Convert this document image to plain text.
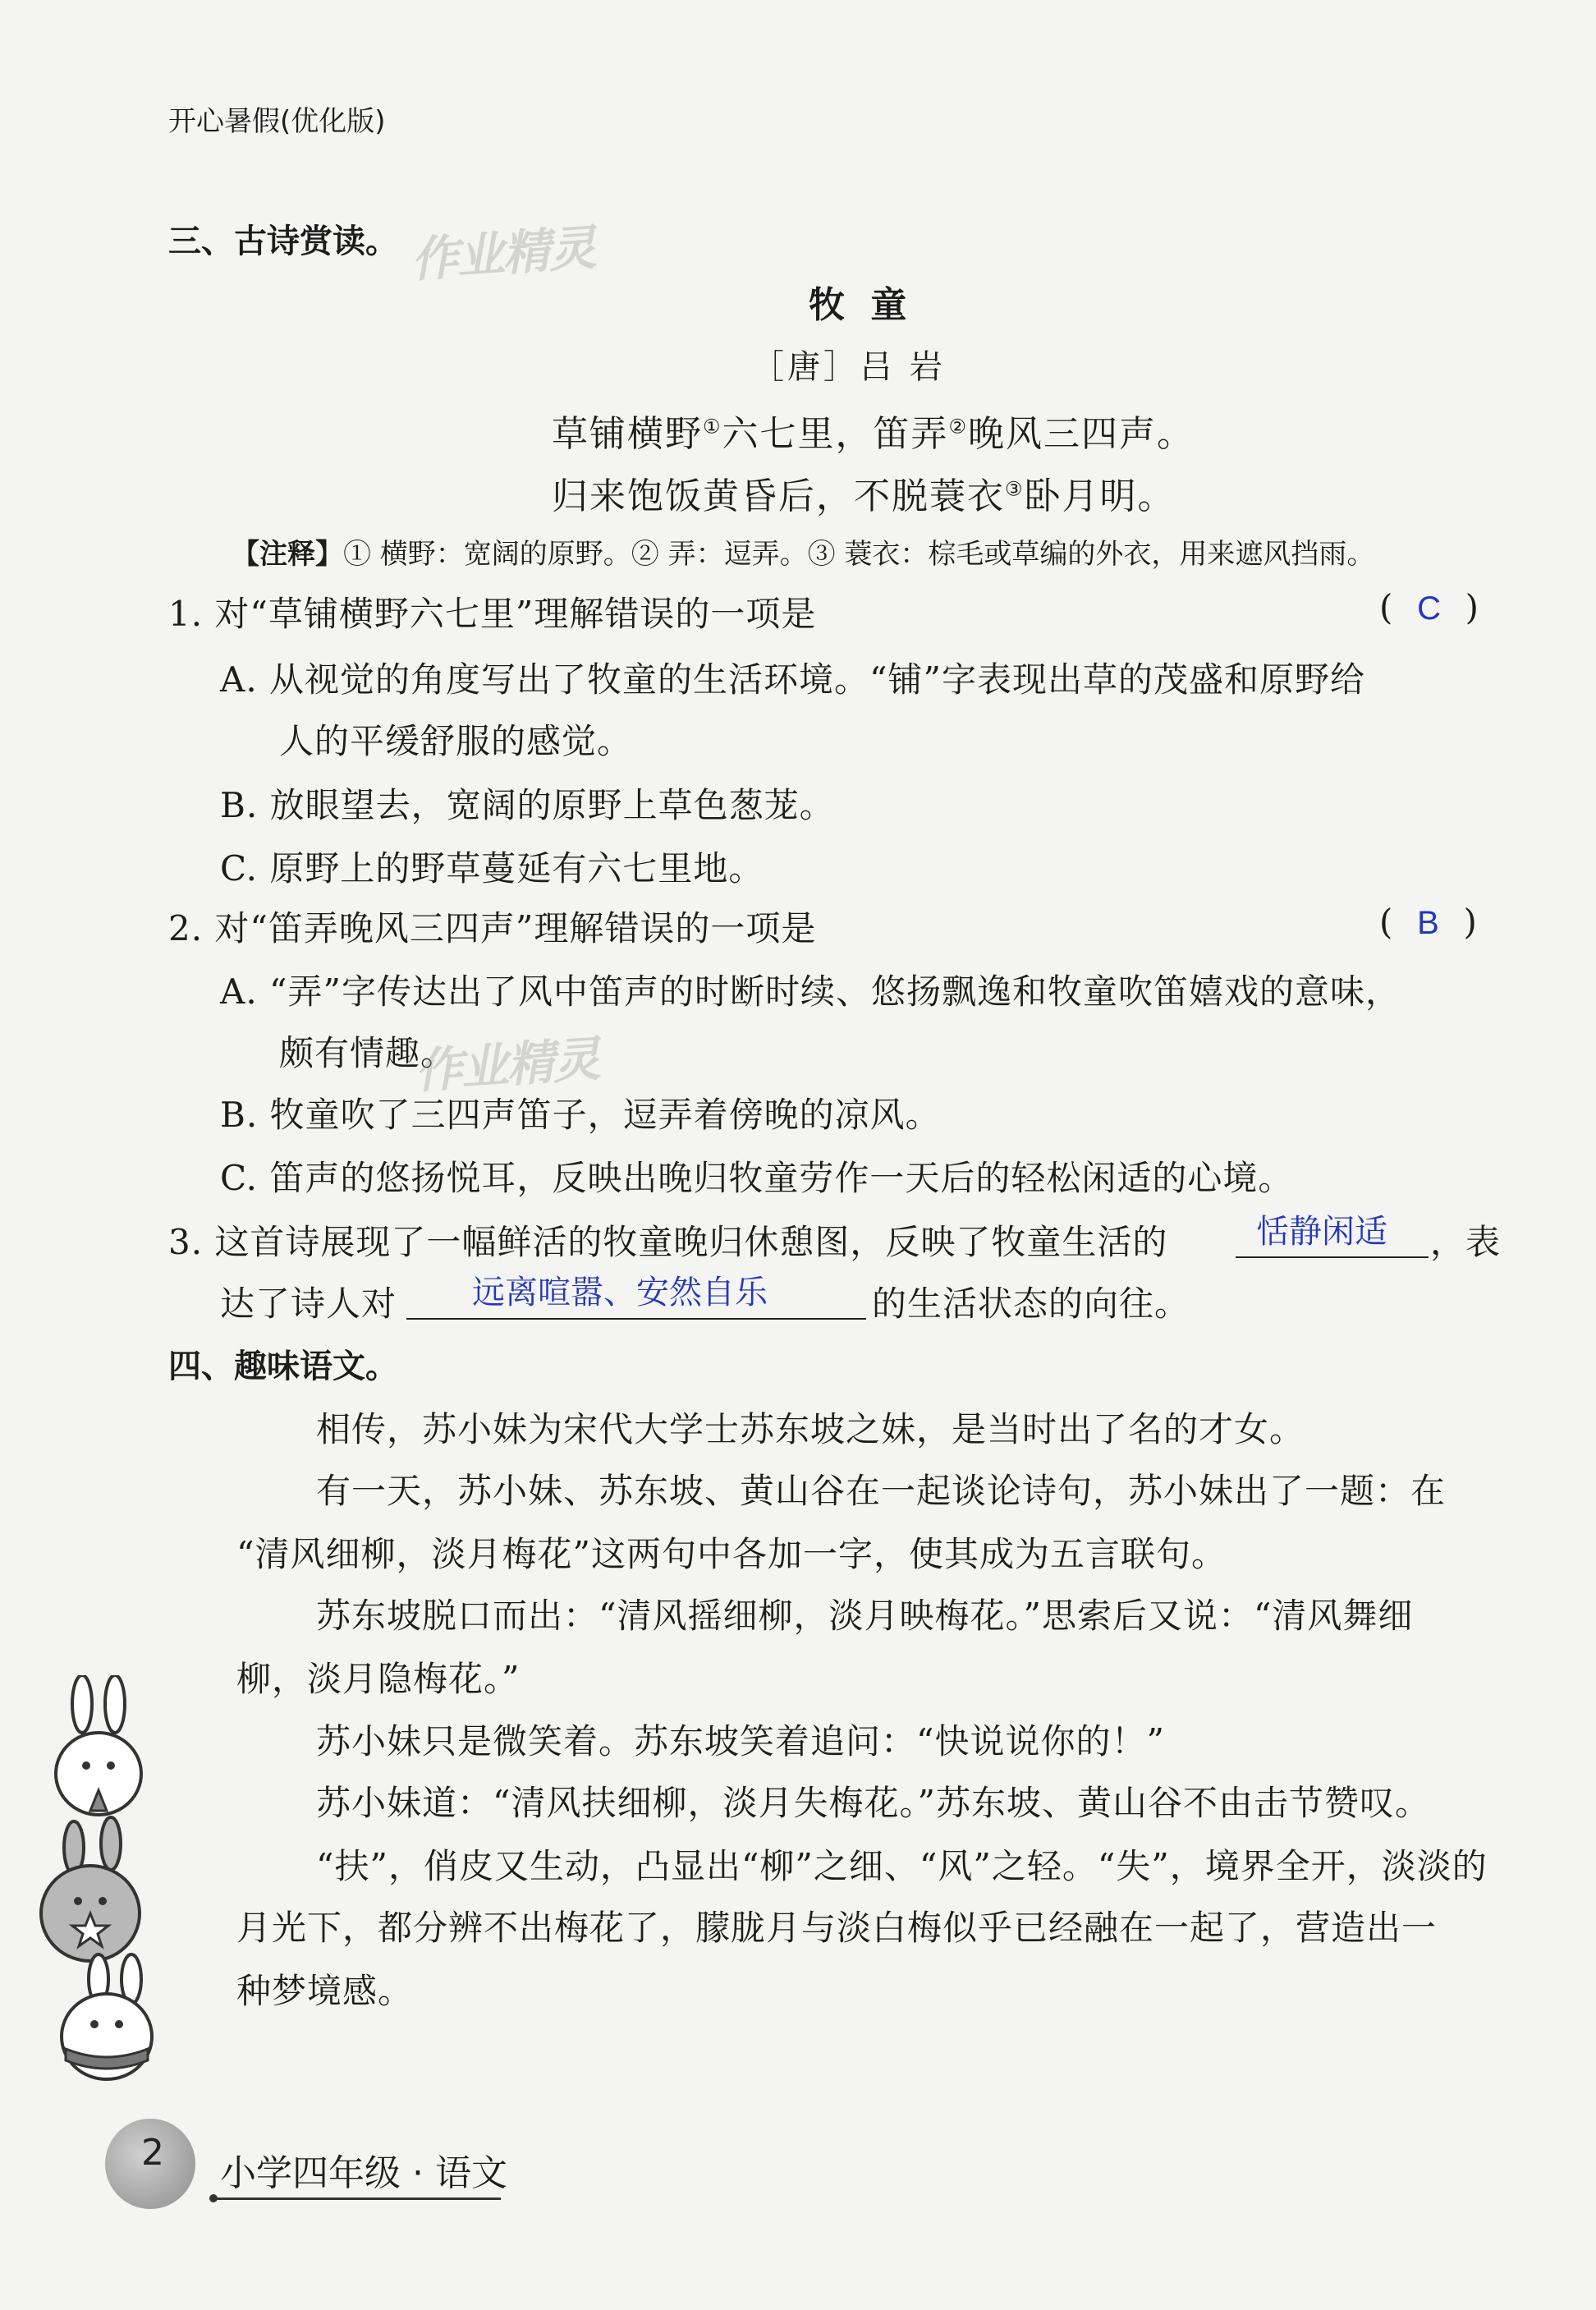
开心暑假(优化版)
三、古诗赏读。 作业精灵
牧 童
［唐］吕 岩
草铺横野①六七里，笛弄②晚风三四声。
归来饱饭黄昏后，不脱蓑衣③卧月明。
【注释】① 横野：宽阔的原野。② 弄：逗弄。③ 蓑衣：棕毛或草编的外衣，用来遮风挡雨。
1. 对“草铺横野六七里”理解错误的一项是	(  C  )
A. 从视觉的角度写出了牧童的生活环境。“铺”字表现出草的茂盛和原野给
人的平缓舒服的感觉。
B. 放眼望去，宽阔的原野上草色葱茏。
C. 原野上的野草蔓延有六七里地。
2. 对“笛弄晚风三四声”理解错误的一项是	(  B  )
A. “弄”字传达出了风中笛声的时断时续、悠扬飘逸和牧童吹笛嬉戏的意味，
颇有情趣。
作业精灵
B. 牧童吹了三四声笛子，逗弄着傍晚的凉风。
C. 笛声的悠扬悦耳，反映出晚归牧童劳作一天后的轻松闲适的心境。
3. 这首诗展现了一幅鲜活的牧童晚归休憩图，反映了牧童生活的	恬静闲适 ，表
达了诗人对 远离喧嚣、安然自乐	的生活状态的向往。
四、趣味语文。
相传，苏小妹为宋代大学士苏东坡之妹，是当时出了名的才女。
有一天，苏小妹、苏东坡、黄山谷在一起谈论诗句，苏小妹出了一题：在
“清风细柳，淡月梅花”这两句中各加一字，使其成为五言联句。
苏东坡脱口而出：“清风摇细柳，淡月映梅花。”思索后又说：“清风舞细
柳，淡月隐梅花。”
苏小妹只是微笑着。苏东坡笑着追问：“快说说你的！”
苏小妹道：“清风扶细柳，淡月失梅花。”苏东坡、黄山谷不由击节赞叹。
“扶”，俏皮又生动，凸显出“柳”之细、“风”之轻。“失”，境界全开，淡淡的
月光下，都分辨不出梅花了，朦胧月与淡白梅似乎已经融在一起了，营造出一
种梦境感。
2 小学四年级 · 语文
